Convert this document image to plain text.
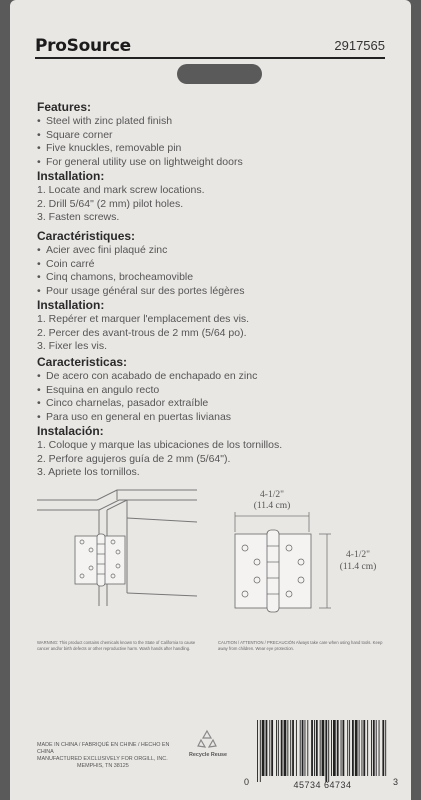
ProSource	2917565
Features:
• Steel with zinc plated finish
• Square corner
• Five knuckles, removable pin
• For general utility use on lightweight doors
Installation:
1. Locate and mark screw locations.
2. Drill 5/64" (2 mm) pilot holes.
3. Fasten screws.
Caractéristiques:
• Acier avec fini plaqué zinc
• Coin carré
• Cinq chamons, brocheamovible
• Pour usage général sur des portes légères
Installation:
1. Repérer et marquer l'emplacement des vis.
2. Percer des avant-trous de 2 mm (5/64 po).
3. Fixer les vis.
Caracteristicas:
• De acero con acabado de enchapado en zinc
• Esquina en angulo recto
• Cinco charnelas, pasador extraíble
• Para uso en general en puertas livianas
Instalación:
1. Coloque y marque las ubicaciones de los tornillos.
2. Perfore agujeros guía de 2 mm (5/64").
3. Apriete los tornillos.
4-1/2"
(11.4 cm)
4-1/2"
(11.4 cm)
WARNING: This product contains chemicals known to the State of California to cause cancer and/or birth defects or other reproductive harm. Wash hands after handling.
CAUTION / ATTENTION / PRECAUCIÓN Always take care when using hand tools. Keep away from children. Wear eye protection.
MADE IN CHINA / FABRIQUÉ EN CHINE / HECHO EN CHINA
MANUFACTURED EXCLUSIVELY FOR ORGILL, INC.
MEMPHIS, TN 38125
Recycle Reuse
0	45734 64734	3
